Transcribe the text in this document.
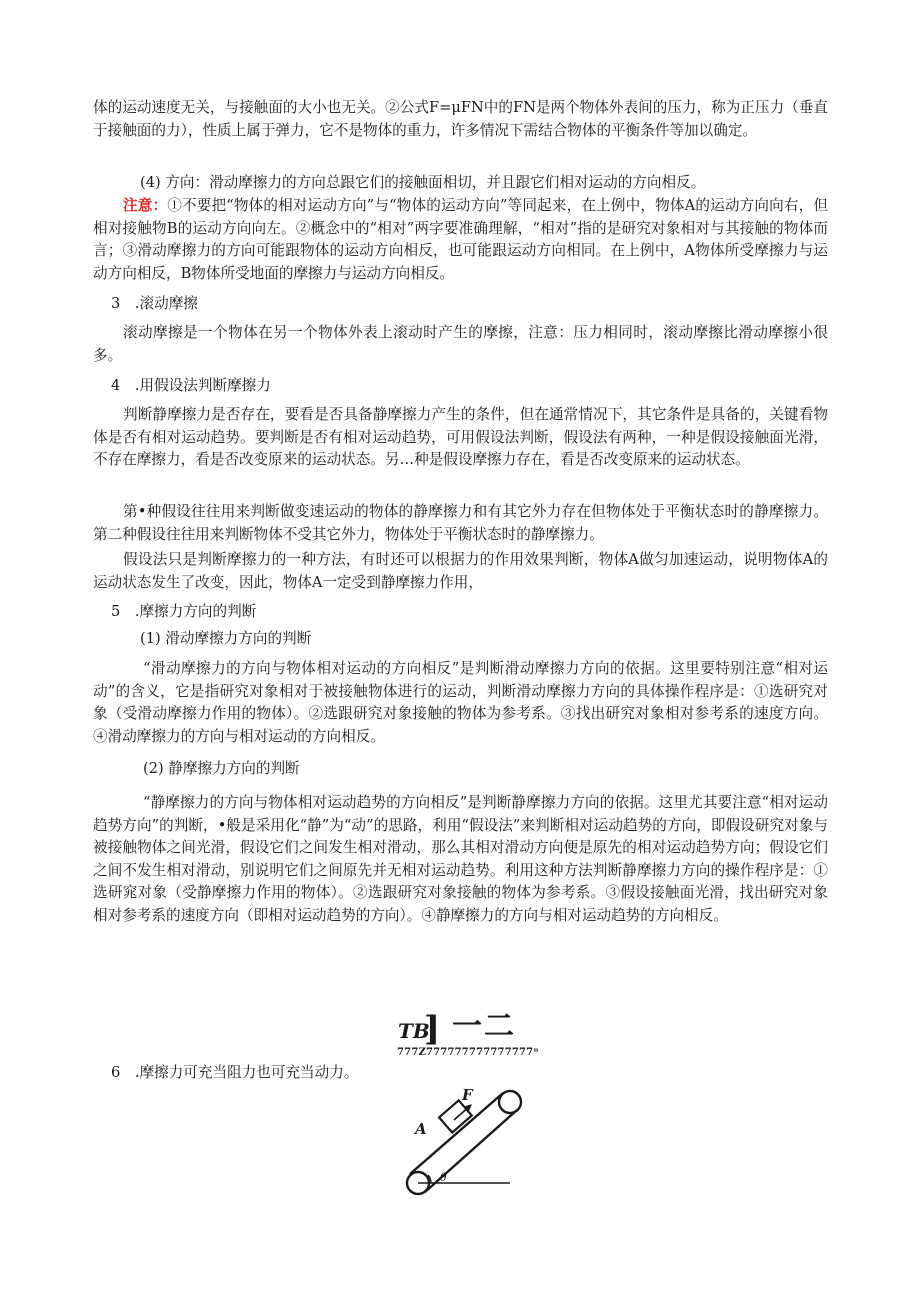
体的运动速度无关，与接触面的大小也无关。②公式F=μFN中的FN是两个物体外表间的压力，称为正压力（垂直于接触面的力），性质上属于弹力，它不是物体的重力，许多情况下需结合物体的平衡条件等加以确定。

(4) 方向：滑动摩擦力的方向总跟它们的接触面相切，并且跟它们相对运动的方向相反。

注意：①不要把“物体的相对运动方向”与“物体的运动方向”等同起来，在上例中，物体A的运动方向向右，但相对接触物B的运动方向向左。②概念中的“相对”两字要准确理解，“相对”指的是研究对象相对与其接触的物体而言；③滑动摩擦力的方向可能跟物体的运动方向相反，也可能跟运动方向相同。在上例中，A物体所受摩擦力与运动方向相反，B物体所受地面的摩擦力与运动方向相反。

3　.滚动摩擦

滚动摩擦是一个物体在另一个物体外表上滚动时产生的摩擦，注意：压力相同时，滚动摩擦比滑动摩擦小很多。

4　.用假设法判断摩擦力

判断静摩擦力是否存在，要看是否具备静摩擦力产生的条件，但在通常情况下，其它条件是具备的，关键看物体是否有相对运动趋势。要判断是否有相对运动趋势，可用假设法判断，假设法有两种，一种是假设接触面光滑，不存在摩擦力，看是否改变原来的运动状态。另…种是假设摩擦力存在，看是否改变原来的运动状态。

第•种假设往往用来判断做变速运动的物体的静摩擦力和有其它外力存在但物体处于平衡状态时的静摩擦力。第二种假设往往用来判断物体不受其它外力，物体处于平衡状态时的静摩擦力。

假设法只是判断摩擦力的一种方法，有时还可以根据力的作用效果判断，物体A做匀加速运动，说明物体A的运动状态发生了改变，因此，物体A一定受到静摩擦力作用，

5　.摩擦力方向的判断
(1) 滑动摩擦力方向的判断

“滑动摩擦力的方向与物体相对运动的方向相反”是判断滑动摩擦力方向的依据。这里要特别注意“相对运动”的含义，它是指研究对象相对于被接触物体进行的运动，判断滑动摩擦力方向的具体操作程序是：①选研究对象（受滑动摩擦力作用的物体）。②选跟研究对象接触的物体为参考系。③找出研究对象相对参考系的速度方向。④滑动摩擦力的方向与相对运动的方向相反。

(2) 静摩擦力方向的判断

“静摩擦力的方向与物体相对运动趋势的方向相反”是判断静摩擦力方向的依据。这里尤其要注意“相对运动趋势方向”的判断，•般是采用化“静”为“动”的思路，利用“假设法”来判断相对运动趋势的方向，即假设研究对象与被接触物体之间光滑，假设它们之间发生相对滑动，那么其相对滑动方向便是原先的相对运动趋势方向；假设它们之间不发生相对滑动，别说明它们之间原先并无相对运动趋势。利用这种方法判断静摩擦力方向的操作程序是：①选研窕对象（受静摩擦力作用的物体）。②选跟研究对象接触的物体为参考系。③假设接触面光滑，找出研究对象相对参考系的速度方向（即相对运动趋势的方向）。④静摩擦力的方向与相对运动趋势的方向相反。

TB
] 一二
777Z777777777777777ⁿ
6　.摩擦力可充当阻力也可充当动力。
F
A
θ
